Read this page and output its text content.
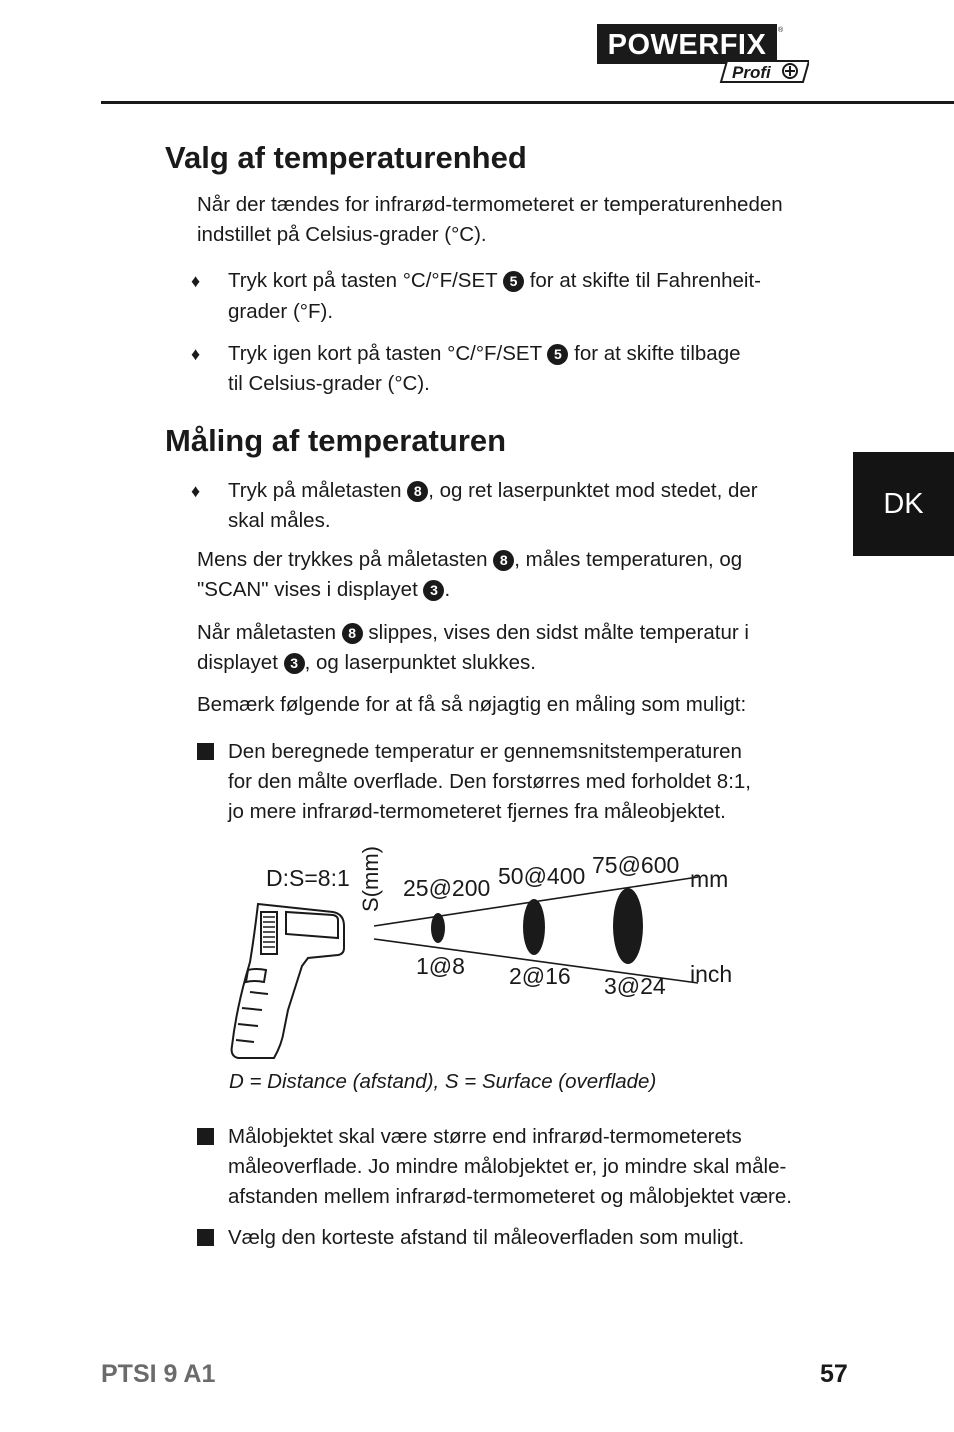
POWERFIX ®
Profi
DK
Valg af temperaturenhed
Når der tændes for infrarød-termometeret er temperaturenheden
indstillet på Celsius-grader (°C).
♦ Tryk kort på tasten °C/°F/SET 5 for at skifte til Fahrenheit-
grader (°F).
♦ Tryk igen kort på tasten °C/°F/SET 5 for at skifte tilbage
til Celsius-grader (°C).
Måling af temperaturen
♦ Tryk på måletasten 8 , og ret laserpunktet mod stedet, der
skal måles.
Mens der trykkes på måletasten 8 , måles temperaturen, og
"SCAN" vises i displayet 3 .
Når måletasten 8 slippes, vises den sidst målte temperatur i
displayet 3 , og laserpunktet slukkes.
Bemærk følgende for at få så nøjagtig en måling som muligt:
Den beregnede temperatur er gennemsnitstemperaturen
for den målte overflade. Den forstørres med forholdet 8:1,
jo mere infrarød-termometeret fjernes fra måleobjektet.
D:S=8:1 S(mm) 25@200 50@400 75@600
mm
1@8 2@16 3@24 inch
D = Distance (afstand), S = Surface (overflade)
Målobjektet skal være større end infrarød-termometerets
måleoverflade. Jo mindre målobjektet er, jo mindre skal måle-
afstanden mellem infrarød-termometeret og målobjektet være.
Vælg den korteste afstand til måleoverfladen som muligt.
PTSI 9 A1	57
